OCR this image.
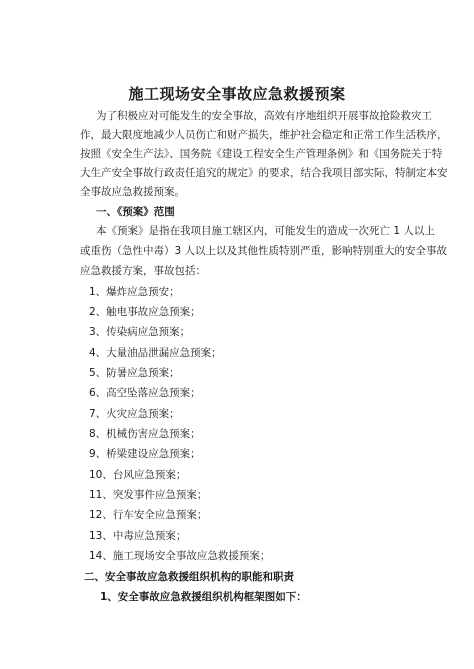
施工现场安全事故应急救援预案
为了积极应对可能发生的安全事故，高效有序地组织开展事故抢险救灾工
作，最大限度地减少人员伤亡和财产损失，维护社会稳定和正常工作生活秩序，
按照《安全生产法》、国务院《建设工程安全生产管理条例》和《国务院关于特
大生产安全事故行政责任追究的规定》的要求，结合我项目部实际，特制定本安
全事故应急救援预案。
一、《预案》范围
本《预案》是指在我项目施工辖区内，可能发生的造成一次死亡 1 人以上
或重伤（急性中毒）3 人以上以及其他性质特别严重，影响特别重大的安全事故
应急救援方案，事故包括：
1、爆炸应急预安；
2、触电事故应急预案；
3、传染病应急预案；
4、大量油品泄漏应急预案；
5、防暑应急预案；
6、高空坠落应急预案；
7、火灾应急预案；
8、机械伤害应急预案；
9、桥梁建设应急预案；
10、台风应急预案；
11、突发事件应急预案；
12、行车安全应急预案；
13、中毒应急预案；
14、施工现场安全事故应急救援预案；
二、安全事故应急救援组织机构的职能和职责
1、安全事故应急救援组织机构框架图如下：
